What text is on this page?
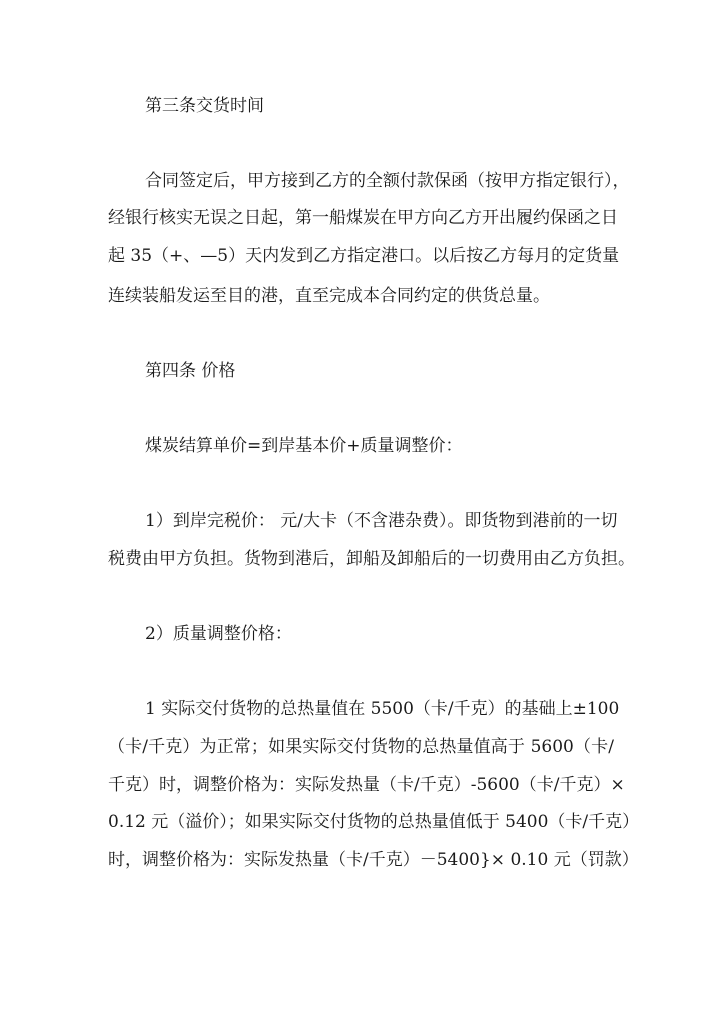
第三条交货时间
合同签定后，甲方接到乙方的全额付款保函（按甲方指定银行），
经银行核实无误之日起，第一船煤炭在甲方向乙方开出履约保函之日
起 35（+、—5）天内发到乙方指定港口。以后按乙方每月的定货量
连续装船发运至目的港，直至完成本合同约定的供货总量。
第四条 价格
煤炭结算单价=到岸基本价+质量调整价：
1）到岸完税价： 元/大卡（不含港杂费）。即货物到港前的一切
税费由甲方负担。货物到港后，卸船及卸船后的一切费用由乙方负担。
2）质量调整价格：
1 实际交付货物的总热量值在 5500（卡/千克）的基础上±100
（卡/千克）为正常；如果实际交付货物的总热量值高于 5600（卡/
千克）时，调整价格为：实际发热量（卡/千克）-5600（卡/千克）×
0.12 元（溢价）；如果实际交付货物的总热量值低于 5400（卡/千克）
时，调整价格为：实际发热量（卡/千克）－5400}× 0.10 元（罚款）
